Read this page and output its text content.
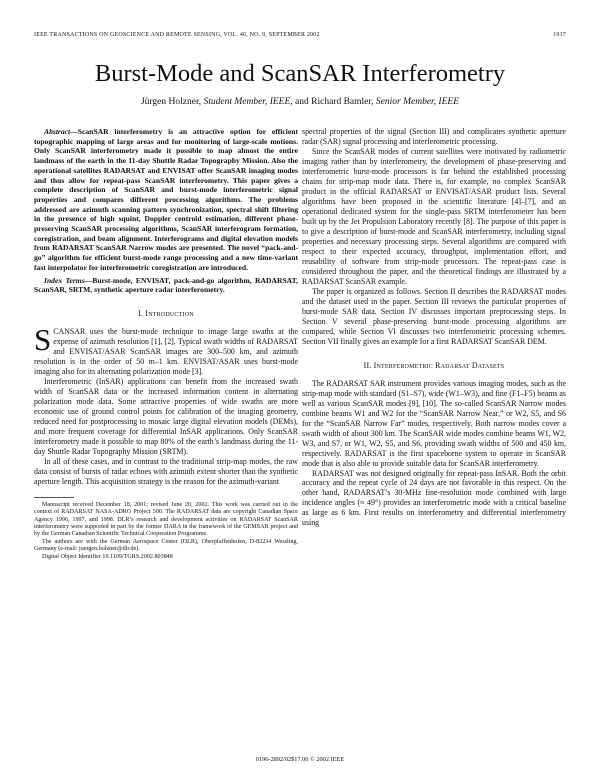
IEEE TRANSACTIONS ON GEOSCIENCE AND REMOTE SENSING, VOL. 40, NO. 9, SEPTEMBER 2002	1917
Burst-Mode and ScanSAR Interferometry
Jürgen Holzner, Student Member, IEEE, and Richard Bamler, Senior Member, IEEE

Abstract—ScanSAR interferometry is an attractive option for efficient topographic mapping of large areas and for monitoring of large-scale motions. Only ScanSAR interferometry made it possible to map almost the entire landmass of the earth in the 11-day Shuttle Radar Topography Mission. Also the operational satellites RADARSAT and ENVISAT offer ScanSAR imaging modes and thus allow for repeat-pass ScanSAR interferometry. This paper gives a complete description of ScanSAR and burst-mode interferometric signal properties and compares different processing algorithms. The problems addressed are azimuth scanning pattern synchronization, spectral shift filtering in the presence of high squint, Doppler centroid estimation, different phase-preserving ScanSAR processing algorithms, ScanSAR interferogram formation, coregistration, and beam alignment. Interferograms and digital elevation models from RADARSAT ScanSAR Narrow modes are presented. The novel “pack-and-go” algorithm for efficient burst-mode range processing and a new time-variant fast interpolator for interferometric coregistration are introduced.

Index Terms—Burst-mode, ENVISAT, pack-and-go algorithm, RADARSAT, ScanSAR, SRTM, synthetic aperture radar interferometry.

I. Introduction

SCANSAR uses the burst-mode technique to image large swaths at the expense of azimuth resolution [1], [2]. Typical swath widths of RADARSAT and ENVISAT/ASAR ScanSAR images are 300–500 km, and azimuth resolution is in the order of 50 m–1 km. ENVISAT/ASAR uses burst-mode imaging also for its alternating polarization mode [3].

Interferometric (InSAR) applications can benefit from the increased swath width of ScanSAR data or the increased information content in alternating polarization mode data. Some attractive properties of wide swaths are more economic use of ground control points for calibration of the imaging geometry, reduced need for postprocessing to mosaic large digital elevation models (DEMs), and more frequent coverage for differential InSAR applications. Only ScanSAR interferometry made it possible to map 80% of the earth’s landmass during the 11-day Shuttle Radar Topography Mission (SRTM).

In all of these cases, and in contrast to the traditional strip-map modes, the raw data consist of bursts of radar echoes with azimuth extent shorter than the synthetic aperture length. This acquisition strategy is the reason for the azimuth-variant

Manuscript received December 18, 2001; revised June 20, 2002. This work was carried out in the context of RADARSAT NASA-ADRO Project 500. The RADARSAT data are copyright Canadian Space Agency 1996, 1997, and 1998. DLR’s research and development activities on RADARSAT ScanSAR interferometry were supported in part by the former DARA in the framework of the GEMSAR project and by the German Canadian Scientific Technical Cooperation Programme.

The authors are with the German Aerospace Center (DLR), Oberpfaffenhofen, D-82234 Wessling, Germany (e-mail: juergen.holzner@dlr.de).

Digital Object Identifier 10.1109/TGRS.2002.803848

spectral properties of the signal (Section III) and complicates synthetic aperture radar (SAR) signal processing and interferometric processing.

Since the ScanSAR modes of current satellites were motivated by radiometric imaging rather than by interferometry, the development of phase-preserving and interferometric burst-mode processors is far behind the established processing chains for strip-map mode data. There is, for example, no complex ScanSAR product in the official RADARSAT or ENVISAT/ASAR product lists. Several algorithms have been proposed in the scientific literature [4]–[7], and an operational dedicated system for the single-pass SRTM interferometer has been built up by the Jet Propulsion Laboratory recently [8]. The purpose of this paper is to give a description of burst-mode and ScanSAR interferometry, including signal properties and necessary processing steps. Several algorithms are compared with respect to their expected accuracy, throughput, implementation effort, and reusability of software from strip-mode processors. The repeat-pass case is considered throughout the paper, and the theoretical findings are illustrated by a RADARSAT ScanSAR example.

The paper is organized as follows. Section II describes the RADARSAT modes and the dataset used in the paper. Section III reviews the particular properties of burst-mode SAR data. Section IV discusses important preprocessing steps. In Section V several phase-preserving burst-mode processing algorithms are compared, while Section VI discusses two interferometric processing schemes. Section VII finally gives an example for a first RADARSAT ScanSAR DEM.

II. Interferometric Radarsat Datasets

The RADARSAT SAR instrument provides various imaging modes, such as the strip-map mode with standard (S1–S7), wide (W1–W3), and fine (F1–F5) beams as well as various ScanSAR modes [9], [10]. The so-called ScanSAR Narrow modes combine beams W1 and W2 for the “ScanSAR Narrow Near,” or W2, S5, and S6 for the “ScanSAR Narrow Far” modes, respectively. Both narrow modes cover a swath width of about 300 km. The ScanSAR wide modes combine beams W1, W2, W3, and S7, or W1, W2, S5, and S6, providing swath widths of 500 and 450 km, respectively. RADARSAT is the first spaceborne system to operate in ScanSAR mode that is also able to provide suitable data for ScanSAR interferometry.

RADARSAT was not designed originally for repeat-pass InSAR. Both the orbit accuracy and the repeat cycle of 24 days are not favorable in this respect. On the other hand, RADARSAT’s 30-MHz fine-resolution mode combined with large incidence angles (≈ 49°) provides an interferometric mode with a critical baseline as large as 6 km. First results on interferometry and differential interferometry using

0196-2892/02$17.00 © 2002 IEEE
